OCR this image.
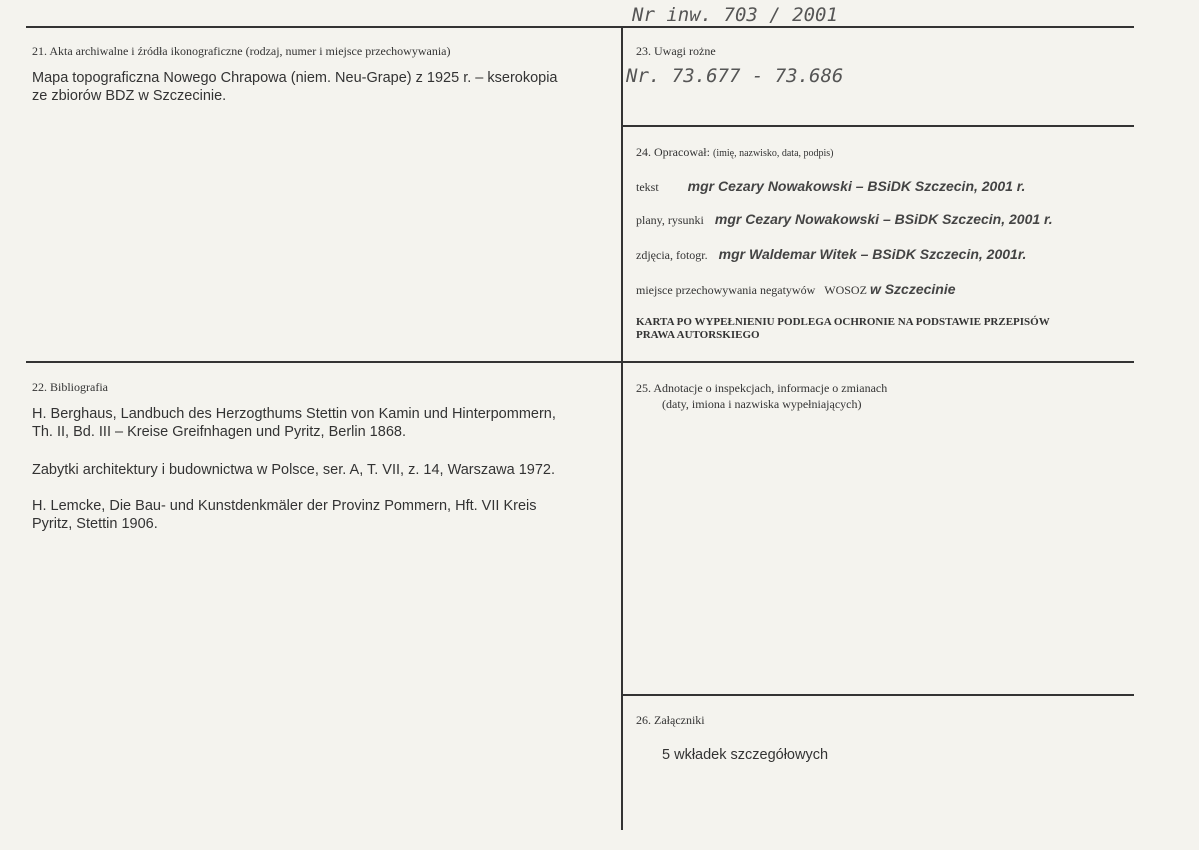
Nr inw. 703 / 2001
21. Akta archiwalne i źródła ikonograficzne (rodzaj, numer i miejsce przechowywania)
Mapa topograficzna Nowego Chrapowa (niem. Neu-Grape) z 1925 r. – kserokopia
ze zbiorów BDZ w Szczecinie.
23. Uwagi rożne
Nr. 73.677 - 73.686
24. Opracował: (imię, nazwisko, data, podpis)
tekst mgr Cezary Nowakowski – BSiDK Szczecin, 2001 r.
plany, rysunki mgr Cezary Nowakowski – BSiDK Szczecin, 2001 r.
zdjęcia, fotogr. mgr Waldemar Witek – BSiDK Szczecin, 2001r.
miejsce przechowywania negatywów WOSOZ w Szczecinie
KARTA PO WYPEŁNIENIU PODLEGA OCHRONIE NA PODSTAWIE PRZEPISÓW
PRAWA AUTORSKIEGO
22. Bibliografia
H. Berghaus, Landbuch des Herzogthums Stettin von Kamin und Hinterpommern,
Th. II, Bd. III – Kreise Greifnhagen und Pyritz, Berlin 1868.
Zabytki architektury i budownictwa w Polsce, ser. A, T. VII, z. 14, Warszawa 1972.
H. Lemcke, Die Bau- und Kunstdenkmäler der Provinz Pommern, Hft. VII Kreis
Pyritz, Stettin 1906.
25. Adnotacje o inspekcjach, informacje o zmianach
(daty, imiona i nazwiska wypełniających)
26. Załączniki
5 wkładek szczegółowych
